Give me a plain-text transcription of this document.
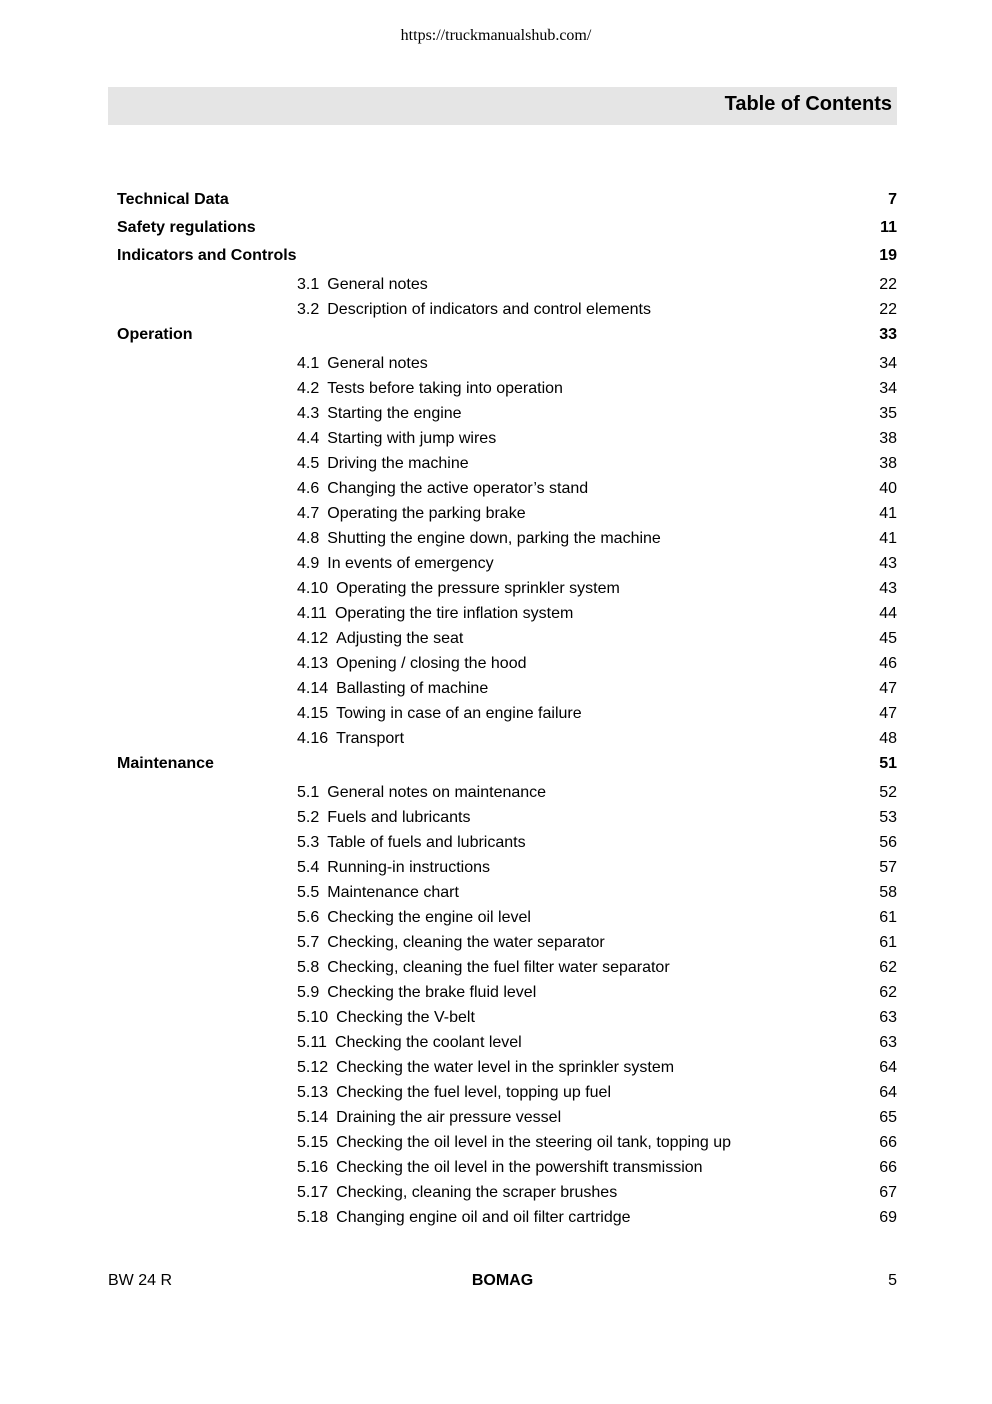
https://truckmanualshub.com/
Table of Contents
Technical Data	7
Safety regulations	11
Indicators and Controls	19
3.1 General notes	22
3.2 Description of indicators and control elements	22
Operation	33
4.1 General notes	34
4.2 Tests before taking into operation	34
4.3 Starting the engine	35
4.4 Starting with jump wires	38
4.5 Driving the machine	38
4.6 Changing the active operator’s stand	40
4.7 Operating the parking brake	41
4.8 Shutting the engine down, parking the machine	41
4.9 In events of emergency	43
4.10 Operating the pressure sprinkler system	43
4.11 Operating the tire inflation system	44
4.12 Adjusting the seat	45
4.13 Opening / closing the hood	46
4.14 Ballasting of machine	47
4.15 Towing in case of an engine failure	47
4.16 Transport	48
Maintenance	51
5.1 General notes on maintenance	52
5.2 Fuels and lubricants	53
5.3 Table of fuels and lubricants	56
5.4 Running-in instructions	57
5.5 Maintenance chart	58
5.6 Checking the engine oil level	61
5.7 Checking, cleaning the water separator	61
5.8 Checking, cleaning the fuel filter water separator	62
5.9 Checking the brake fluid level	62
5.10 Checking the V-belt	63
5.11 Checking the coolant level	63
5.12 Checking the water level in the sprinkler system	64
5.13 Checking the fuel level, topping up fuel	64
5.14 Draining the air pressure vessel	65
5.15 Checking the oil level in the steering oil tank, topping up	66
5.16 Checking the oil level in the powershift transmission	66
5.17 Checking, cleaning the scraper brushes	67
5.18 Changing engine oil and oil filter cartridge	69
BW 24 R	BOMAG	5
